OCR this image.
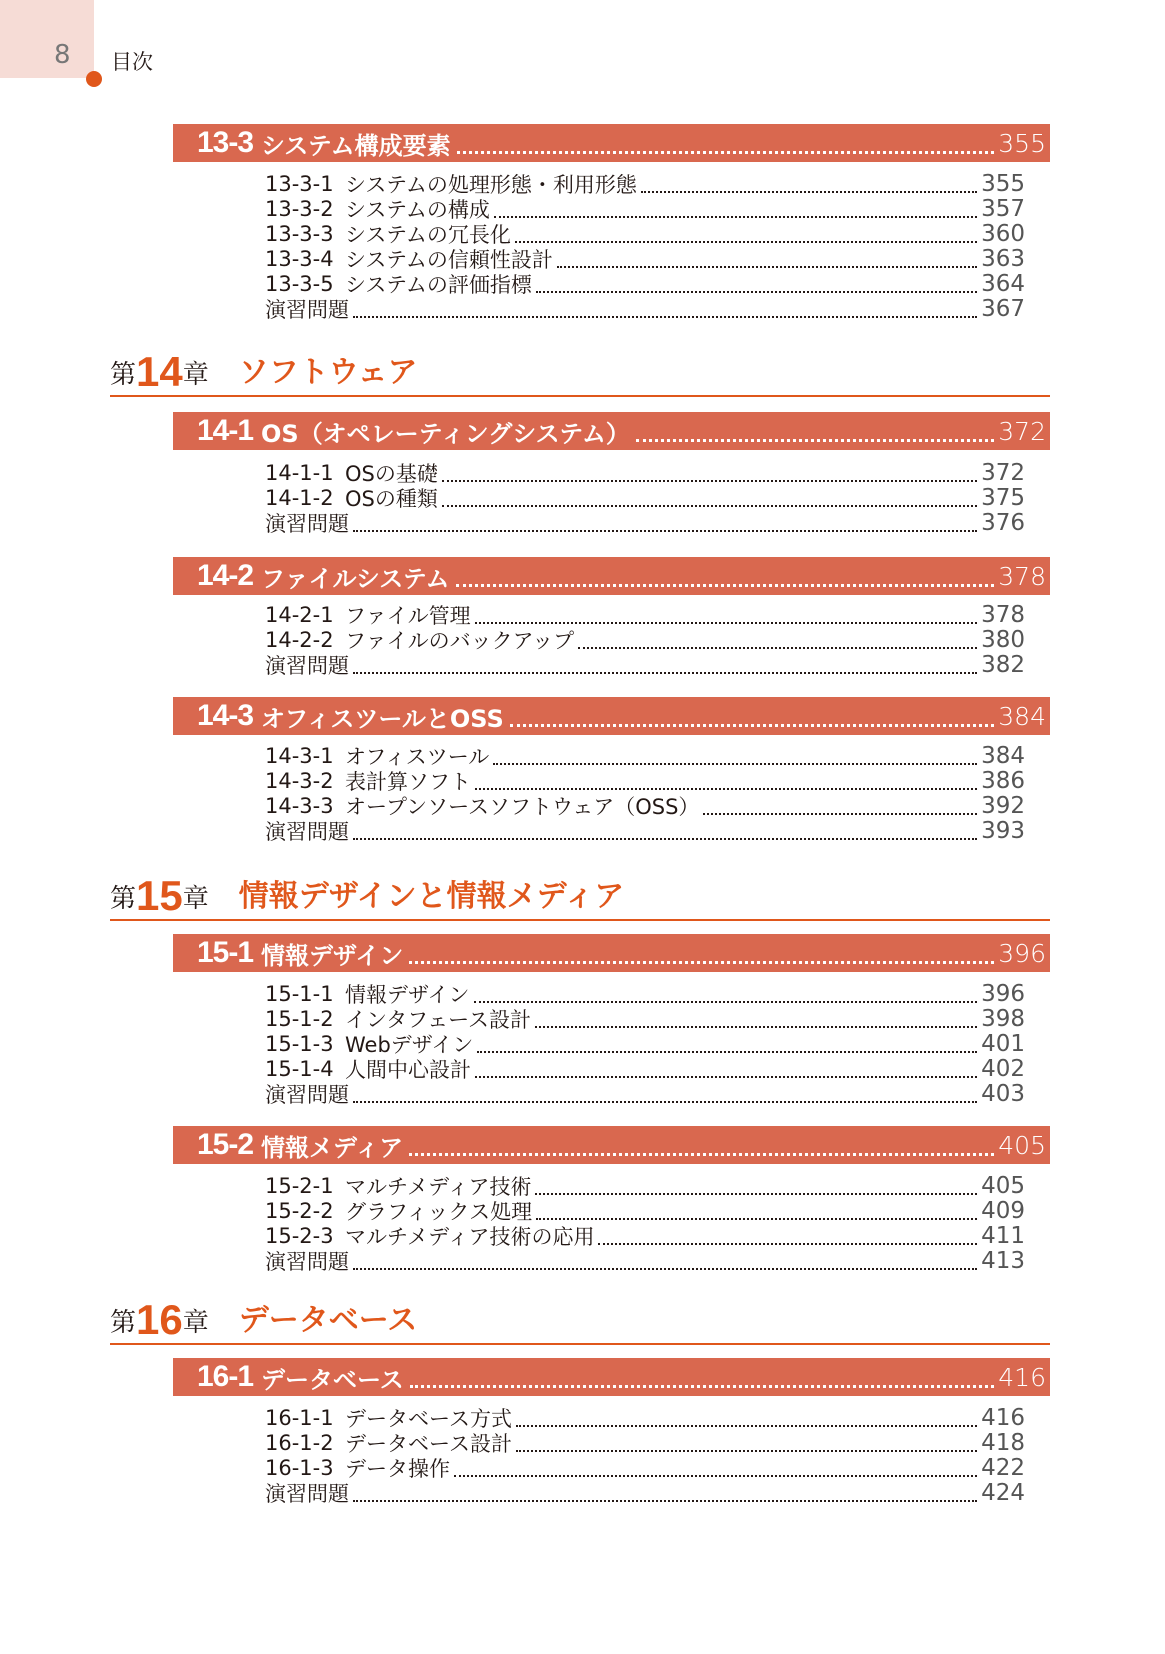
8 目次
13-3 システム構成要素	355
13-3-1 システムの処理形態・利用形態	355
13-3-2 システムの構成	357
13-3-3 システムの冗長化	360
13-3-4 システムの信頼性設計	363
13-3-5 システムの評価指標	364
演習問題	367
第 14 章 ソフトウェア
14-1 OS（オペレーティングシステム）	372
14-1-1 OSの基礎	372
14-1-2 OSの種類	375
演習問題	376
14-2 ファイルシステム	378
14-2-1 ファイル管理	378
14-2-2 ファイルのバックアップ	380
演習問題	382
14-3 オフィスツールとOSS	384
14-3-1 オフィスツール	384
14-3-2 表計算ソフト	386
14-3-3 オープンソースソフトウェア（OSS）	392
演習問題	393
第 15 章 情報デザインと情報メディア
15-1 情報デザイン	396
15-1-1 情報デザイン	396
15-1-2 インタフェース設計	398
15-1-3 Webデザイン	401
15-1-4 人間中心設計	402
演習問題	403
15-2 情報メディア	405
15-2-1 マルチメディア技術	405
15-2-2 グラフィックス処理	409
15-2-3 マルチメディア技術の応用	411
演習問題	413
第 16 章 データベース
16-1 データベース	416
16-1-1 データベース方式	416
16-1-2 データベース設計	418
16-1-3 データ操作	422
演習問題	424
